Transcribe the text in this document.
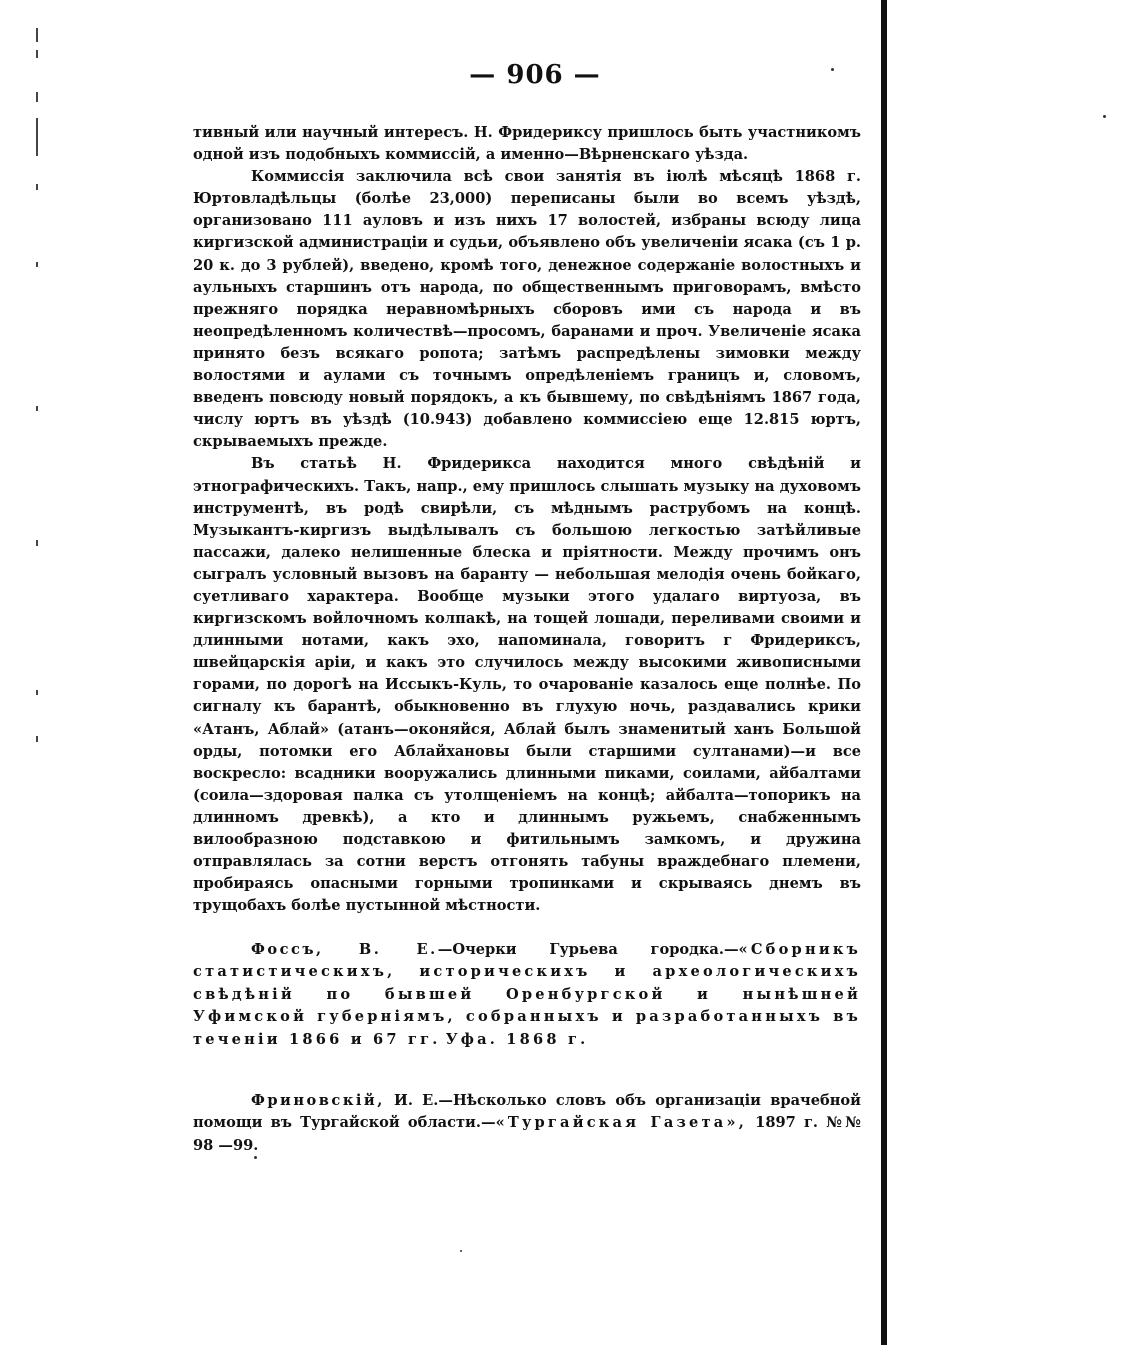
— 906 —

тивный или научный интересъ. Н. Фридериксу пришлось быть участникомъ одной изъ подобныхъ коммиссій, а именно—Вѣрненскаго уѣзда.

Коммиссія заключила всѣ свои занятія въ іюлѣ мѣсяцѣ 1868 г. Юртовладѣльцы (болѣе 23,000) переписаны были во всемъ уѣздѣ, организовано 111 ауловъ и изъ нихъ 17 волостей, избраны всюду лица киргизской администраціи и судьи, объявлено объ увеличеніи ясака (съ 1 р. 20 к. до 3 рублей), введено, кромѣ того, денежное содержаніе волостныхъ и аульныхъ старшинъ отъ народа, по общественнымъ приговорамъ, вмѣсто прежняго порядка неравномѣрныхъ сборовъ ими съ народа и въ неопредѣленномъ количествѣ—просомъ, баранами и проч. Увеличеніе ясака принято безъ всякаго ропота; затѣмъ распредѣлены зимовки между волостями и аулами съ точнымъ опредѣленіемъ границъ и, словомъ, введенъ повсюду новый порядокъ, а къ бывшему, по свѣдѣніямъ 1867 года, числу юртъ въ уѣздѣ (10.943) добавлено коммиссіею еще 12.815 юртъ, скрываемыхъ прежде.

Въ статьѣ Н. Фридерикса находится много свѣдѣній и этнографическихъ. Такъ, напр., ему пришлось слышать музыку на духовомъ инструментѣ, въ родѣ свирѣли, съ мѣднымъ раструбомъ на концѣ. Музыкантъ-киргизъ выдѣлывалъ съ большою легкостью затѣйливые пассажи, далеко нелишенные блеска и пріятности. Между прочимъ онъ сыгралъ условный вызовъ на баранту — небольшая мелодія очень бойкаго, суетливаго характера. Вообще музыки этого удалаго виртуоза, въ киргизскомъ войлочномъ колпакѣ, на тощей лошади, переливами своими и длинными нотами, какъ эхо, напоминала, говоритъ г Фридериксъ, швейцарскія аріи, и какъ это случилось между высокими живописными горами, по дорогѣ на Иссыкъ-Куль, то очарованіе казалось еще полнѣе. По сигналу къ барантѣ, обыкновенно въ глухую ночь, раздавались крики «Атанъ, Аблай» (атанъ—оконяйся, Аблай былъ знаменитый ханъ Большой орды, потомки его Аблайхановы были старшими султанами)—и все воскресло: всадники вооружались длинными пиками, соилами, айбалтами (соила—здоровая палка съ утолщеніемъ на концѣ; айбалта—топорикъ на длинномъ древкѣ), а кто и длиннымъ ружьемъ, снабженнымъ вилообразною подставкою и фитильнымъ замкомъ, и дружина отправлялась за сотни верстъ отгонять табуны враждебнаго племени, пробираясь опасными горными тропинками и скрываясь днемъ въ трущобахъ болѣе пустынной мѣстности.

Фоссъ, В. Е.—Очерки Гурьева городка.—«Сборникъ статистическихъ, историческихъ и археологическихъ свѣдѣній по бывшей Оренбургской и нынѣшней Уфимской губерніямъ, собранныхъ и разработанныхъ въ теченіи 1866 и 67 гг. Уфа. 1868 г.

Фриновскій, И. Е.—Нѣсколько словъ объ организаціи врачебной помощи въ Тургайской области.—«Тургайская Газета», 1897 г. №№ 98 —99.
